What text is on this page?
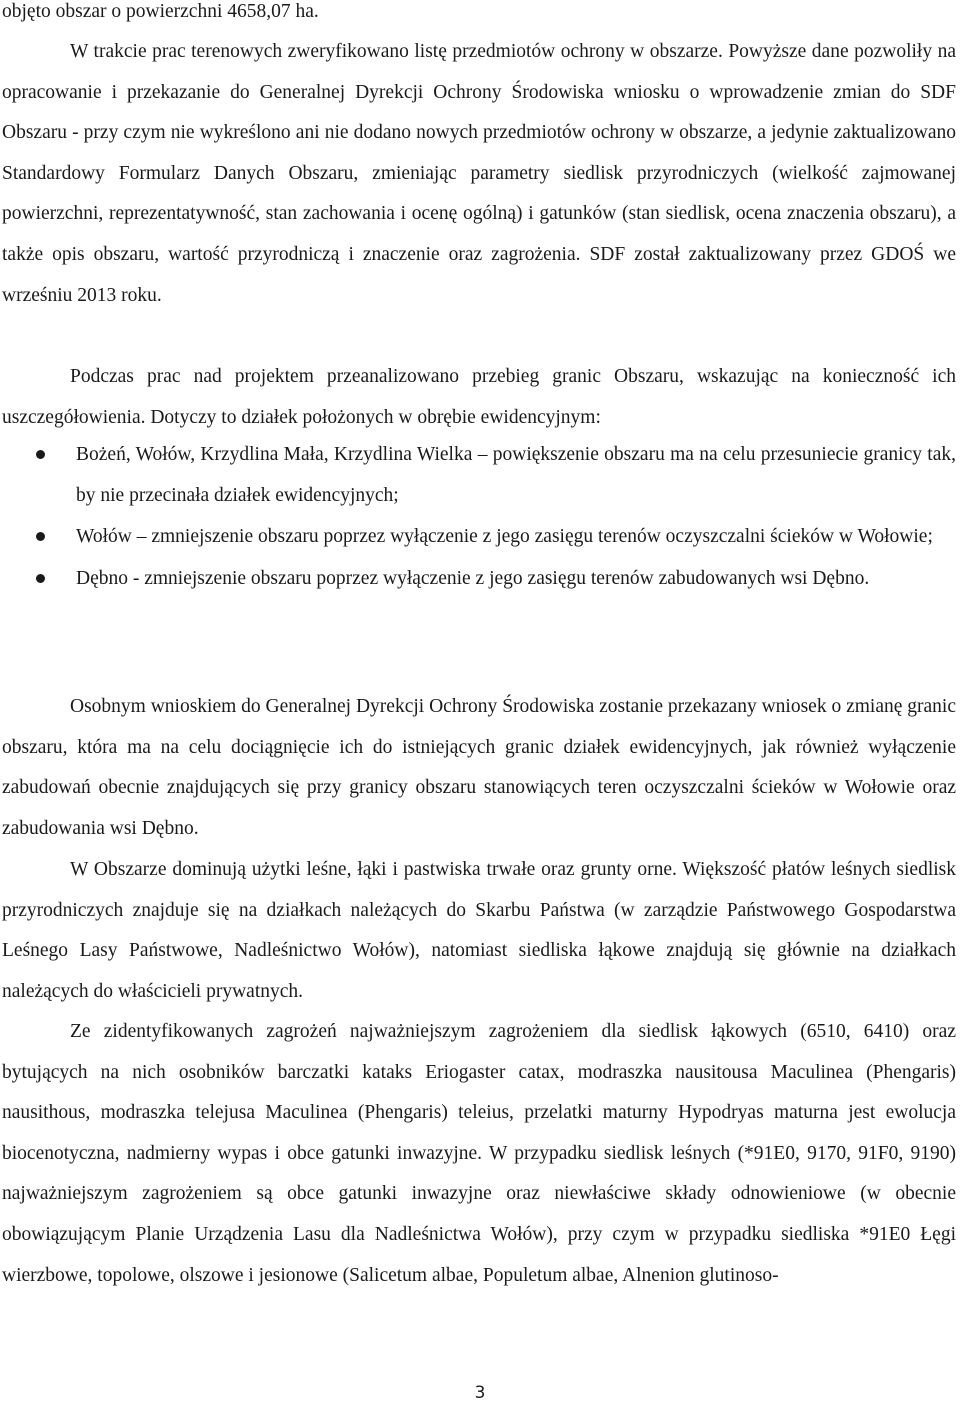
objęto obszar o powierzchni 4658,07 ha.

W trakcie prac terenowych zweryfikowano listę przedmiotów ochrony w obszarze. Powyższe dane pozwoliły na opracowanie i przekazanie do Generalnej Dyrekcji Ochrony Środowiska wniosku o wprowadzenie zmian do SDF Obszaru - przy czym nie wykreślono ani nie dodano nowych przedmiotów ochrony w obszarze, a jedynie zaktualizowano Standardowy Formularz Danych Obszaru, zmieniając parametry siedlisk przyrodniczych (wielkość zajmowanej powierzchni, reprezentatywność, stan zachowania i ocenę ogólną) i gatunków (stan siedlisk, ocena znaczenia obszaru), a także opis obszaru, wartość przyrodniczą i znaczenie oraz zagrożenia. SDF został zaktualizowany przez GDOŚ we wrześniu 2013 roku.

Podczas prac nad projektem przeanalizowano przebieg granic Obszaru, wskazując na konieczność ich uszczegółowienia. Dotyczy to działek położonych w obrębie ewidencyjnym:

Bożeń, Wołów, Krzydlina Mała, Krzydlina Wielka – powiększenie obszaru ma na celu przesuniecie granicy tak, by nie przecinała działek ewidencyjnych;
Wołów – zmniejszenie obszaru poprzez wyłączenie z jego zasięgu terenów oczyszczalni ścieków w Wołowie;
Dębno - zmniejszenie obszaru poprzez wyłączenie z jego zasięgu terenów zabudowanych wsi Dębno.

Osobnym wnioskiem do Generalnej Dyrekcji Ochrony Środowiska zostanie przekazany wniosek o zmianę granic obszaru, która ma na celu dociągnięcie ich do istniejących granic działek ewidencyjnych, jak również wyłączenie zabudowań obecnie znajdujących się przy granicy obszaru stanowiących teren oczyszczalni ścieków w Wołowie oraz zabudowania wsi Dębno.

W Obszarze dominują użytki leśne, łąki i pastwiska trwałe oraz grunty orne. Większość płatów leśnych siedlisk przyrodniczych znajduje się na działkach należących do Skarbu Państwa (w zarządzie Państwowego Gospodarstwa Leśnego Lasy Państwowe, Nadleśnictwo Wołów), natomiast siedliska łąkowe znajdują się głównie na działkach należących do właścicieli prywatnych.

Ze zidentyfikowanych zagrożeń najważniejszym zagrożeniem dla siedlisk łąkowych (6510, 6410) oraz bytujących na nich osobników barczatki kataks Eriogaster catax, modraszka nausitousa Maculinea (Phengaris) nausithous, modraszka telejusa Maculinea (Phengaris) teleius, przelatki maturny Hypodryas maturna jest ewolucja biocenotyczna, nadmierny wypas i obce gatunki inwazyjne. W przypadku siedlisk leśnych (*91E0, 9170, 91F0, 9190) najważniejszym zagrożeniem są obce gatunki inwazyjne oraz niewłaściwe składy odnowieniowe (w obecnie obowiązującym Planie Urządzenia Lasu dla Nadleśnictwa Wołów), przy czym w przypadku siedliska *91E0 Łęgi wierzbowe, topolowe, olszowe i jesionowe (Salicetum albae, Populetum albae, Alnenion glutinoso-

3
